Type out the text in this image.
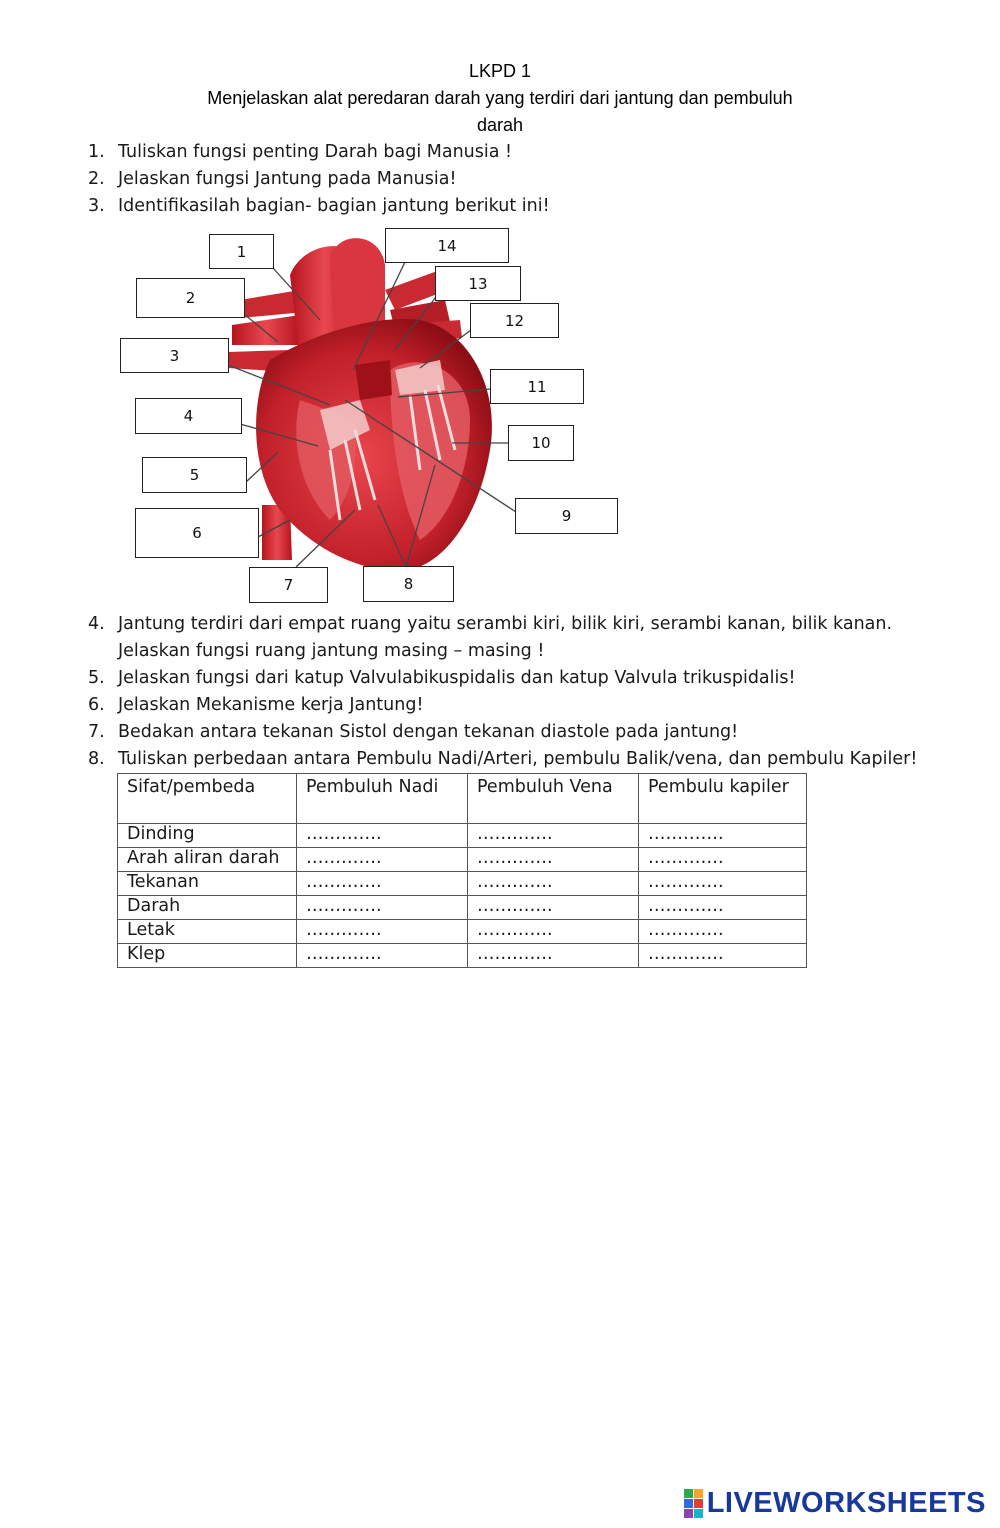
LKPD 1
Menjelaskan alat peredaran darah yang terdiri dari jantung dan pembuluh
darah
1. Tuliskan fungsi penting Darah bagi Manusia !
2. Jelaskan fungsi Jantung pada Manusia!
3. Identifikasilah bagian- bagian jantung berikut ini!
1
2
3
4
5
6
7	8
9
10
11
12
13
14
4. Jantung terdiri dari empat ruang yaitu serambi kiri, bilik kiri, serambi kanan, bilik kanan.
Jelaskan fungsi ruang jantung masing – masing !
5. Jelaskan fungsi dari katup Valvulabikuspidalis dan katup Valvula trikuspidalis!
6. Jelaskan Mekanisme kerja Jantung!
7. Bedakan antara tekanan Sistol dengan tekanan diastole pada jantung!
8. Tuliskan perbedaan antara Pembulu Nadi/Arteri, pembulu Balik/vena, dan pembulu Kapiler!
Sifat/pembeda	Pembuluh Nadi	Pembuluh Vena	Pembulu kapiler
Dinding	………….	………….	………….
Arah aliran darah	………….	………….	………….
Tekanan	………….	………….	………….
Darah	………….	………….	………….
Letak	………….	………….	………….
Klep	………….	………….	………….
LIVEWORKSHEETS
